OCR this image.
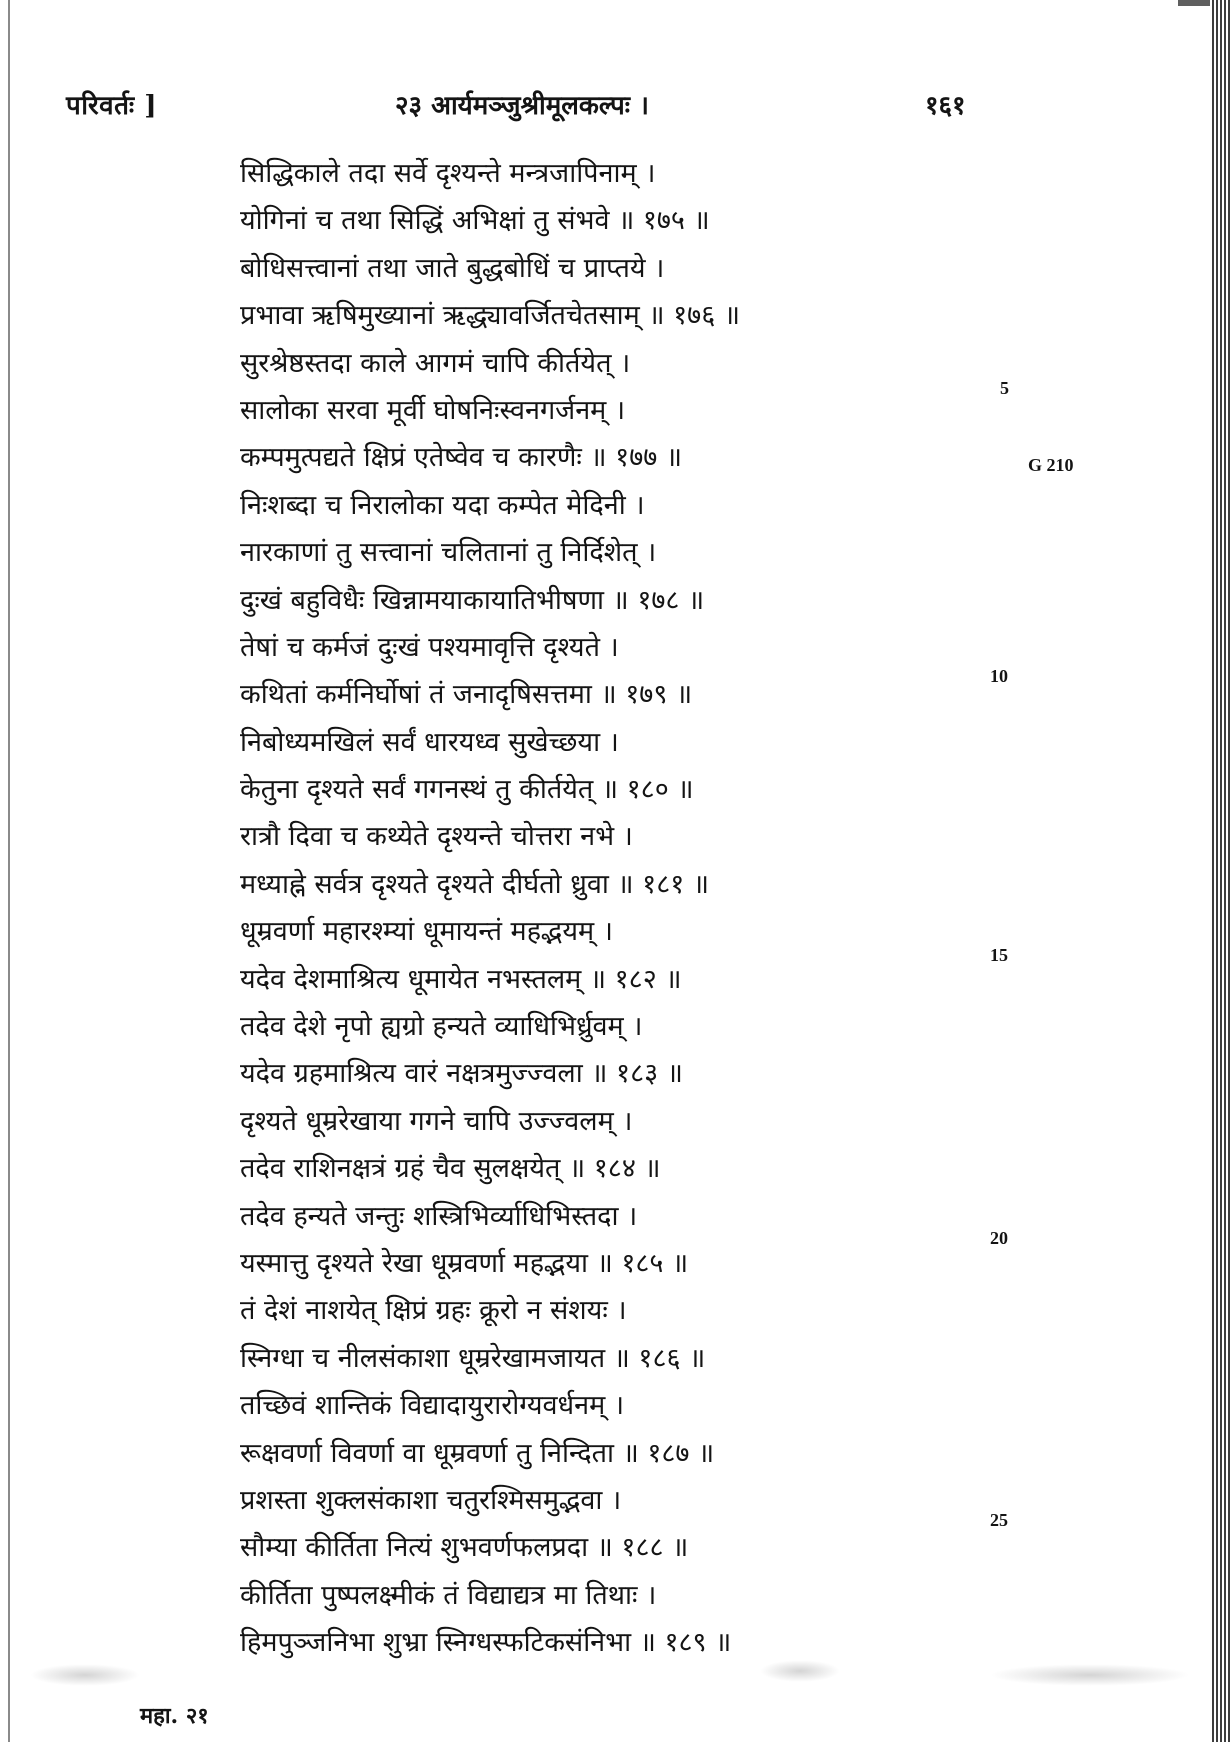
परिवर्तः ]	२३ आर्यमञ्जुश्रीमूलकल्पः ।	१६१
सिद्धिकाले तदा सर्वे दृश्यन्ते मन्त्रजापिनाम् ।
योगिनां च तथा सिद्धिं अभिक्षां तु संभवे ॥ १७५ ॥
बोधिसत्त्वानां तथा जाते बुद्धबोधिं च प्राप्तये ।
प्रभावा ऋषिमुख्यानां ऋद्ध्यावर्जितचेतसाम् ॥ १७६ ॥
सुरश्रेष्ठस्तदा काले आगमं चापि कीर्तयेत् ।
सालोका सरवा मूर्वी घोषनिःस्वनगर्जनम् ।
कम्पमुत्पद्यते क्षिप्रं एतेष्वेव च कारणैः ॥ १७७ ॥
निःशब्दा च निरालोका यदा कम्पेत मेदिनी ।
नारकाणां तु सत्त्वानां चलितानां तु निर्दिशेत् ।
दुःखं बहुविधैः खिन्नामयाकायातिभीषणा ॥ १७८ ॥
तेषां च कर्मजं दुःखं पश्यमावृत्ति दृश्यते ।
कथितां कर्मनिर्घोषां तं जनादृषिसत्तमा ॥ १७९ ॥
निबोध्यमखिलं सर्वं धारयध्व सुखेच्छया ।
केतुना दृश्यते सर्वं गगनस्थं तु कीर्तयेत् ॥ १८० ॥
रात्रौ दिवा च कथ्येते दृश्यन्ते चोत्तरा नभे ।
मध्याह्ने सर्वत्र दृश्यते दृश्यते दीर्घतो ध्रुवा ॥ १८१ ॥
धूम्रवर्णा महारश्म्यां धूमायन्तं महद्भयम् ।
यदेव देशमाश्रित्य धूमायेत नभस्तलम् ॥ १८२ ॥
तदेव देशे नृपो ह्यग्रो हन्यते व्याधिभिर्ध्रुवम् ।
यदेव ग्रहमाश्रित्य वारं नक्षत्रमुज्ज्वला ॥ १८३ ॥
दृश्यते धूम्ररेखाया गगने चापि उज्ज्वलम् ।
तदेव राशिनक्षत्रं ग्रहं चैव सुलक्षयेत् ॥ १८४ ॥
तदेव हन्यते जन्तुः शस्त्रिभिर्व्याधिभिस्तदा ।
यस्मात्तु दृश्यते रेखा धूम्रवर्णा महद्भया ॥ १८५ ॥
तं देशं नाशयेत् क्षिप्रं ग्रहः क्रूरो न संशयः ।
स्निग्धा च नीलसंकाशा धूम्ररेखामजायत ॥ १८६ ॥
तच्छिवं शान्तिकं विद्यादायुरारोग्यवर्धनम् ।
रूक्षवर्णा विवर्णा वा धूम्रवर्णा तु निन्दिता ॥ १८७ ॥
प्रशस्ता शुक्लसंकाशा चतुरश्मिसमुद्भवा ।
सौम्या कीर्तिता नित्यं शुभवर्णफलप्रदा ॥ १८८ ॥
कीर्तिता पुष्पलक्ष्मीकं तं विद्याद्यत्र मा तिथाः ।
हिमपुञ्जनिभा शुभ्रा स्निग्धस्फटिकसंनिभा ॥ १८९ ॥
5
G 210
10
15
20
25
महा. २१
